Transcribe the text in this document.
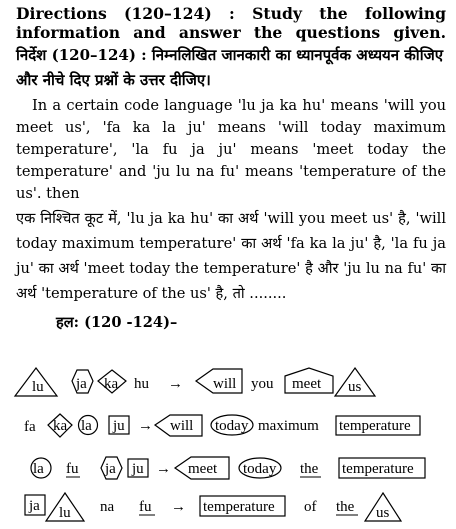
Directions (120–124) : Study the following

information and answer the questions given.

निर्देश (120–124) : निम्नलिखित जानकारी का ध्यानपूर्वक अध्ययन कीजिए और नीचे दिए प्रश्नों के उत्तर दीजिए।

In a certain code language 'lu ja ka hu' means 'will you meet us', 'fa ka la ju' means 'will today maximum temperature', 'la fu ja ju' means 'meet today the temperature' and 'ju lu na fu' means 'temperature of the us'. then

एक निश्चित कूट में, 'lu ja ka hu' का अर्थ 'will you meet us' है, 'will today maximum temperature' का अर्थ 'fa ka la ju' है, 'la fu ja ju' का अर्थ 'meet today the temperature' है और 'ju lu na fu' का अर्थ 'temperature of the us' है, तो ........

हल: (120 -124)–

lu ja ka hu → will you meet us
fa ka la ju → will today maximum temperature
la fu ja ju → meet today the temperature
ja lu na fu → temperature of the us
